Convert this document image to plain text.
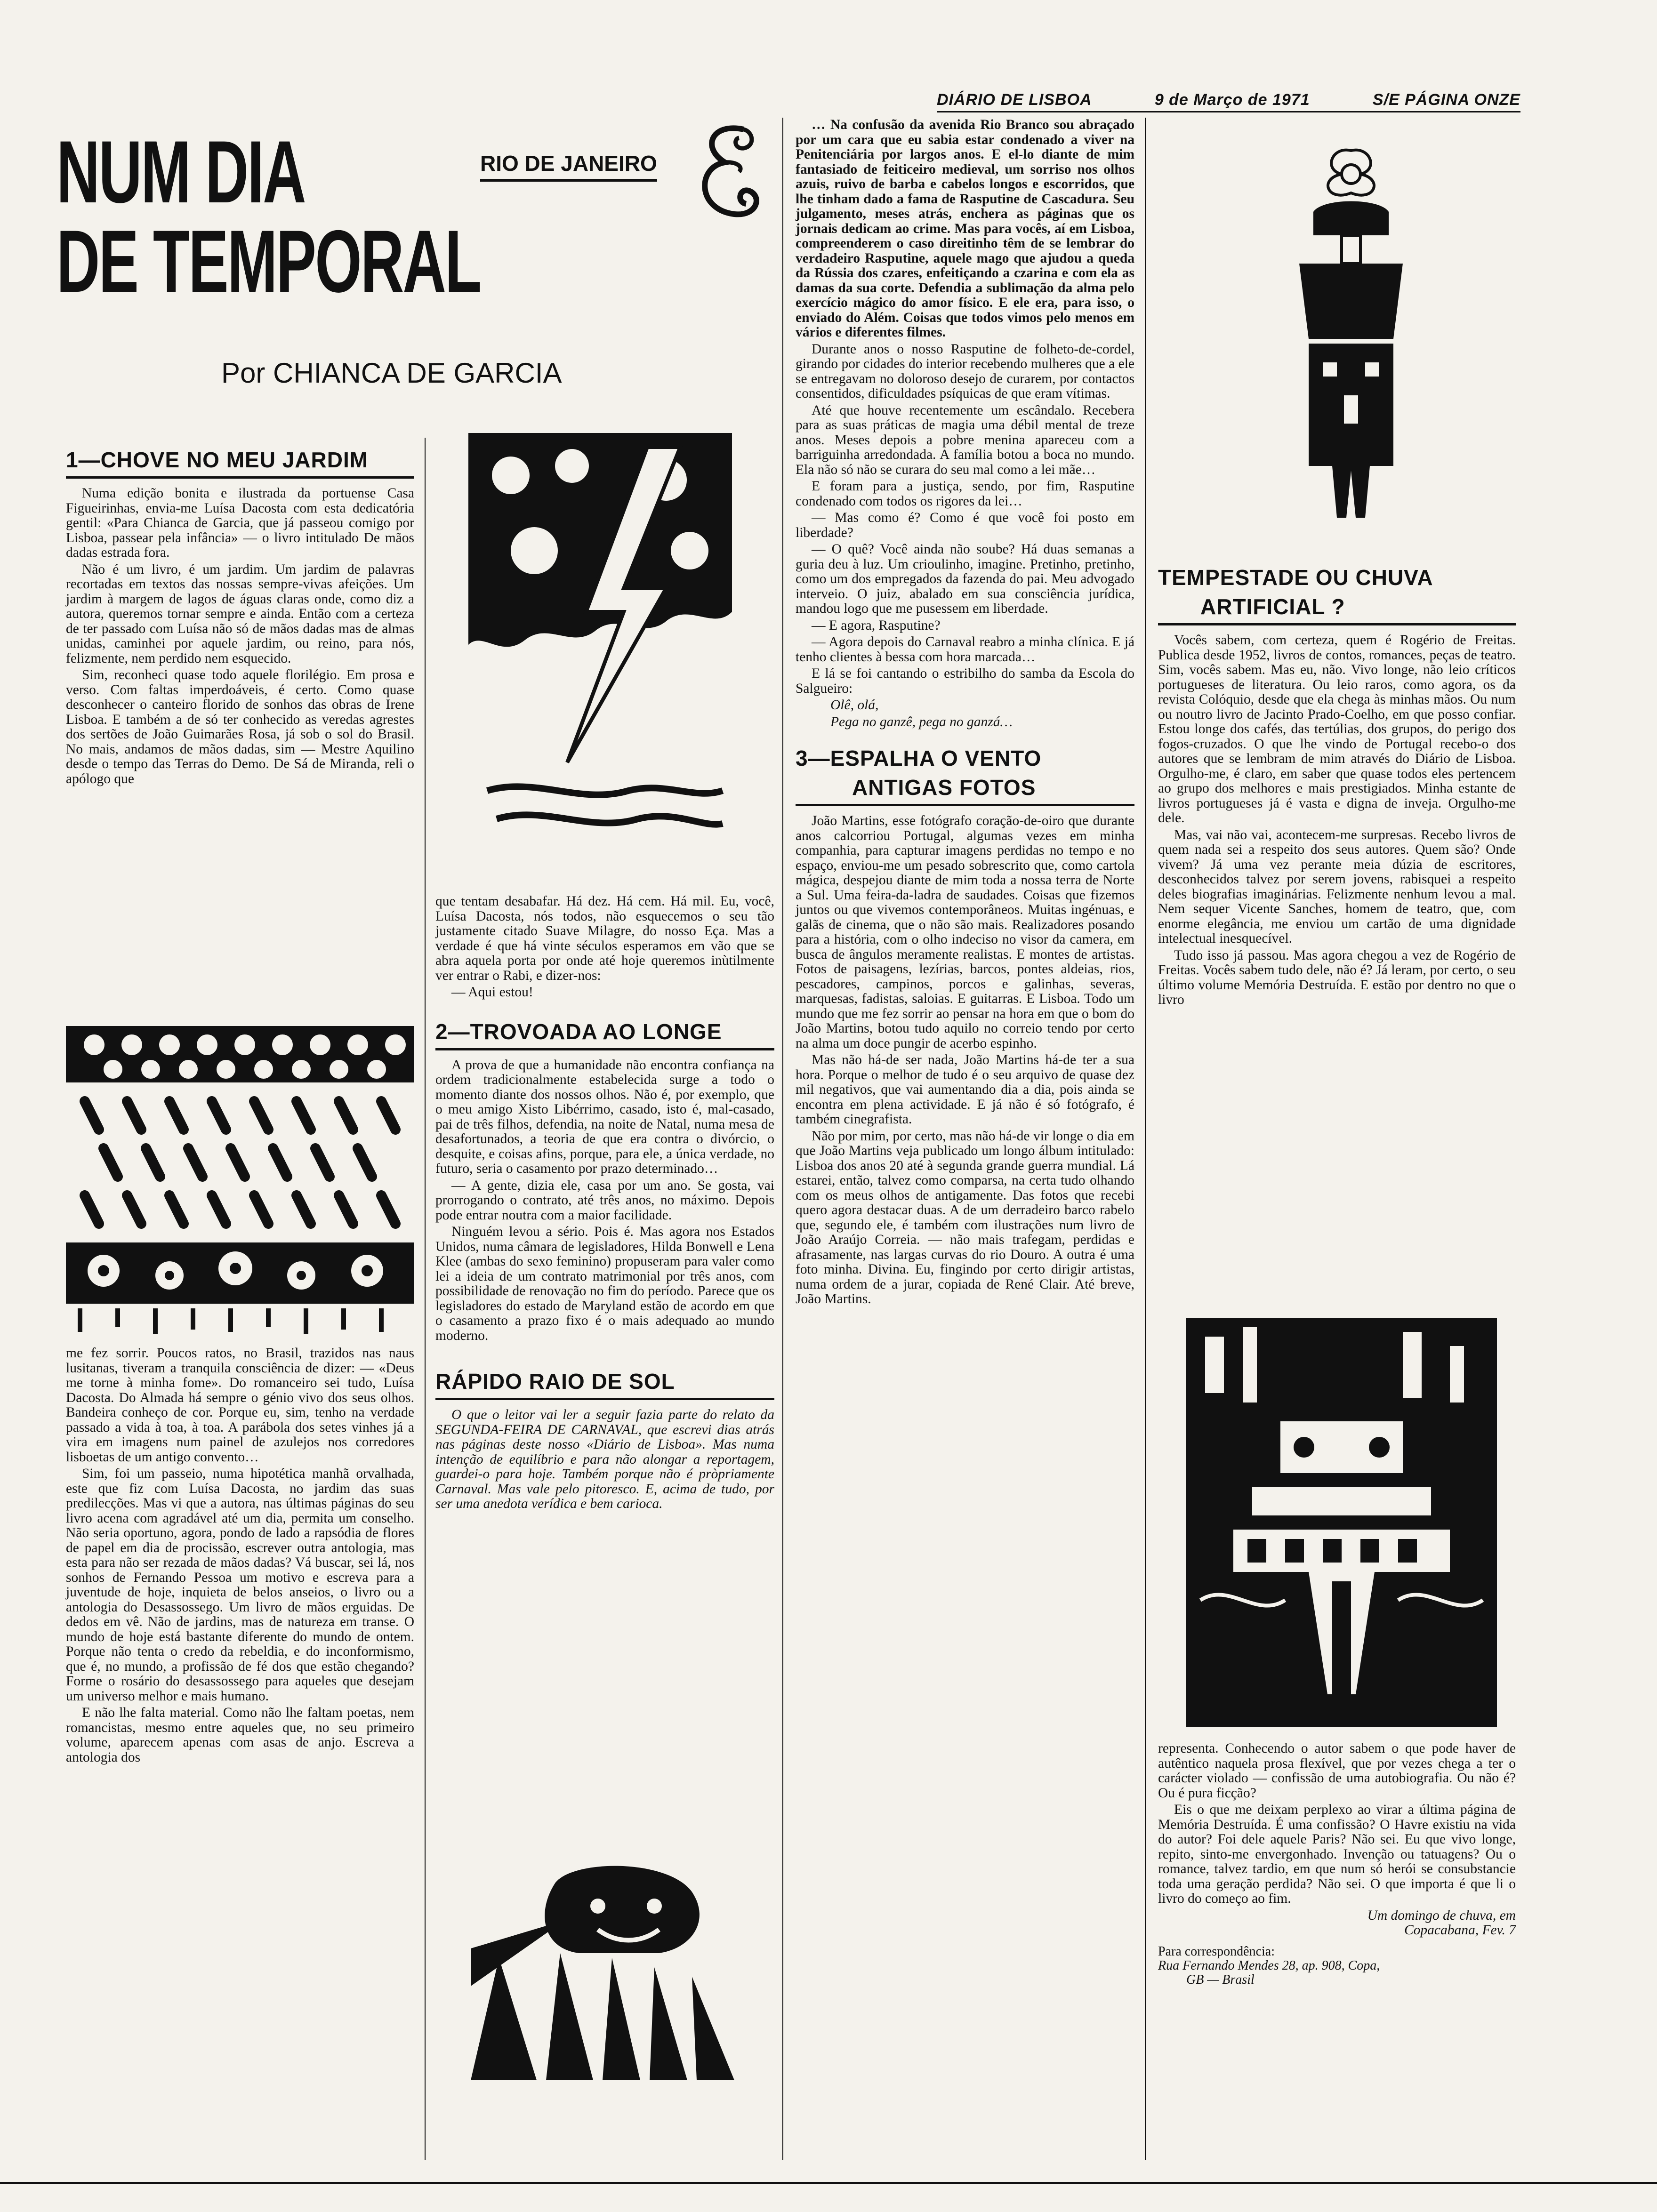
DIÁRIO DE LISBOA	9 de Março de 1971	S/E PÁGINA ONZE
NUM DIA
DE TEMPORAL
RIO DE JANEIRO
Por CHIANCA DE GARCIA
1—CHOVE NO MEU JARDIM

Numa edição bonita e ilustrada da portuense Casa Figueirinhas, envia-me Luísa Dacosta com esta dedicatória gentil: «Para Chianca de Garcia, que já passeou comigo por Lisboa, passear pela infância» — o livro intitulado De mãos dadas estrada fora.

Não é um livro, é um jardim. Um jardim de palavras recortadas em textos das nossas sempre-vivas afeições. Um jardim à margem de lagos de águas claras onde, como diz a autora, queremos tornar sempre e ainda. Então com a certeza de ter passado com Luísa não só de mãos dadas mas de almas unidas, caminhei por aquele jardim, ou reino, para nós, felizmente, nem perdido nem esquecido.

Sim, reconheci quase todo aquele florilégio. Em prosa e verso. Com faltas imperdoáveis, é certo. Como quase desconhecer o canteiro florido de sonhos das obras de Irene Lisboa. E também a de só ter conhecido as veredas agrestes dos sertões de João Guimarães Rosa, já sob o sol do Brasil. No mais, andamos de mãos dadas, sim — Mestre Aquilino desde o tempo das Terras do Demo. De Sá de Miranda, reli o apólogo que

me fez sorrir. Poucos ratos, no Brasil, trazidos nas naus lusitanas, tiveram a tranquila consciência de dizer: — «Deus me torne à minha fome». Do romanceiro sei tudo, Luísa Dacosta. Do Almada há sempre o génio vivo dos seus olhos. Bandeira conheço de cor. Porque eu, sim, tenho na verdade passado a vida à toa, à toa. A parábola dos setes vinhes já a vira em imagens num painel de azulejos nos corredores lisboetas de um antigo convento…

Sim, foi um passeio, numa hipotética manhã orvalhada, este que fiz com Luísa Dacosta, no jardim das suas predilecções. Mas vi que a autora, nas últimas páginas do seu livro acena com agradável até um dia, permita um conselho. Não seria oportuno, agora, pondo de lado a rapsódia de flores de papel em dia de procissão, escrever outra antologia, mas esta para não ser rezada de mãos dadas? Vá buscar, sei lá, nos sonhos de Fernando Pessoa um motivo e escreva para a juventude de hoje, inquieta de belos anseios, o livro ou a antologia do Desassossego. Um livro de mãos erguidas. De dedos em vê. Não de jardins, mas de natureza em transe. O mundo de hoje está bastante diferente do mundo de ontem. Porque não tenta o credo da rebeldia, e do inconformismo, que é, no mundo, a profissão de fé dos que estão chegando? Forme o rosário do desassossego para aqueles que desejam um universo melhor e mais humano.

E não lhe falta material. Como não lhe faltam poetas, nem romancistas, mesmo entre aqueles que, no seu primeiro volume, aparecem apenas com asas de anjo. Escreva a antologia dos

que tentam desabafar. Há dez. Há cem. Há mil. Eu, você, Luísa Dacosta, nós todos, não esquecemos o seu tão justamente citado Suave Milagre, do nosso Eça. Mas a verdade é que há vinte séculos esperamos em vão que se abra aquela porta por onde até hoje queremos inùtilmente ver entrar o Rabi, e dizer-nos:

— Aqui estou!

2—TROVOADA AO LONGE

A prova de que a humanidade não encontra confiança na ordem tradicionalmente estabelecida surge a todo o momento diante dos nossos olhos. Não é, por exemplo, que o meu amigo Xisto Libérrimo, casado, isto é, mal-casado, pai de três filhos, defendia, na noite de Natal, numa mesa de desafortunados, a teoria de que era contra o divórcio, o desquite, e coisas afins, porque, para ele, a única verdade, no futuro, seria o casamento por prazo determinado…

— A gente, dizia ele, casa por um ano. Se gosta, vai prorrogando o contrato, até três anos, no máximo. Depois pode entrar noutra com a maior facilidade.

Ninguém levou a sério. Pois é. Mas agora nos Estados Unidos, numa câmara de legisladores, Hilda Bonwell e Lena Klee (ambas do sexo feminino) propuseram para valer como lei a ideia de um contrato matrimonial por três anos, com possibilidade de renovação no fim do período. Parece que os legisladores do estado de Maryland estão de acordo em que o casamento a prazo fixo é o mais adequado ao mundo moderno.

RÁPIDO RAIO DE SOL

O que o leitor vai ler a seguir fazia parte do relato da SEGUNDA-FEIRA DE CARNAVAL, que escrevi dias atrás nas páginas deste nosso «Diário de Lisboa». Mas numa intenção de equilíbrio e para não alongar a reportagem, guardei-o para hoje. Também porque não é pròpriamente Carnaval. Mas vale pelo pitoresco. E, acima de tudo, por ser uma anedota verídica e bem carioca.

… Na confusão da avenida Rio Branco sou abraçado por um cara que eu sabia estar condenado a viver na Penitenciária por largos anos. E el-lo diante de mim fantasiado de feiticeiro medieval, um sorriso nos olhos azuis, ruivo de barba e cabelos longos e escorridos, que lhe tinham dado a fama de Rasputine de Cascadura. Seu julgamento, meses atrás, enchera as páginas que os jornais dedicam ao crime. Mas para vocês, aí em Lisboa, compreenderem o caso direitinho têm de se lembrar do verdadeiro Rasputine, aquele mago que ajudou a queda da Rússia dos czares, enfeitiçando a czarina e com ela as damas da sua corte. Defendia a sublimação da alma pelo exercício mágico do amor físico. E ele era, para isso, o enviado do Além. Coisas que todos vimos pelo menos em vários e diferentes filmes.

Durante anos o nosso Rasputine de folheto-de-cordel, girando por cidades do interior recebendo mulheres que a ele se entregavam no doloroso desejo de curarem, por contactos consentidos, dificuldades psíquicas de que eram vítimas.

Até que houve recentemente um escândalo. Recebera para as suas práticas de magia uma débil mental de treze anos. Meses depois a pobre menina apareceu com a barriguinha arredondada. A família botou a boca no mundo. Ela não só não se curara do seu mal como a lei mãe…

E foram para a justiça, sendo, por fim, Rasputine condenado com todos os rigores da lei…

— Mas como é? Como é que você foi posto em liberdade?

— O quê? Você ainda não soube? Há duas semanas a guria deu à luz. Um crioulinho, imagine. Pretinho, pretinho, como um dos empregados da fazenda do pai. Meu advogado interveio. O juiz, abalado em sua consciência jurídica, mandou logo que me pusessem em liberdade.

— E agora, Rasputine?

— Agora depois do Carnaval reabro a minha clínica. E já tenho clientes à bessa com hora marcada…

E lá se foi cantando o estribilho do samba da Escola do Salgueiro:

Olê, olá,

Pega no ganzê, pega no ganzá…

3—ESPALHA O VENTO
ANTIGAS FOTOS

João Martins, esse fotógrafo coração-de-oiro que durante anos calcorriou Portugal, algumas vezes em minha companhia, para capturar imagens perdidas no tempo e no espaço, enviou-me um pesado sobrescrito que, como cartola mágica, despejou diante de mim toda a nossa terra de Norte a Sul. Uma feira-da-ladra de saudades. Coisas que fizemos juntos ou que vivemos contemporâneos. Muitas ingénuas, e galãs de cinema, que o não são mais. Realizadores posando para a história, com o olho indeciso no visor da camera, em busca de ângulos meramente realistas. E montes de artistas. Fotos de paisagens, lezírias, barcos, pontes aldeias, rios, pescadores, campinos, porcos e galinhas, severas, marquesas, fadistas, saloias. E guitarras. E Lisboa. Todo um mundo que me fez sorrir ao pensar na hora em que o bom do João Martins, botou tudo aquilo no correio tendo por certo na alma um doce pungir de acerbo espinho.

Mas não há-de ser nada, João Martins há-de ter a sua hora. Porque o melhor de tudo é o seu arquivo de quase dez mil negativos, que vai aumentando dia a dia, pois ainda se encontra em plena actividade. E já não é só fotógrafo, é também cinegrafista.

Não por mim, por certo, mas não há-de vir longe o dia em que João Martins veja publicado um longo álbum intitulado: Lisboa dos anos 20 até à segunda grande guerra mundial. Lá estarei, então, talvez como comparsa, na certa tudo olhando com os meus olhos de antigamente. Das fotos que recebi quero agora destacar duas. A de um derradeiro barco rabelo que, segundo ele, é também com ilustrações num livro de João Araújo Correia. — não mais trafegam, perdidas e afrasamente, nas largas curvas do rio Douro. A outra é uma foto minha. Divina. Eu, fingindo por certo dirigir artistas, numa ordem de a jurar, copiada de René Clair. Até breve, João Martins.

TEMPESTADE OU CHUVA
ARTIFICIAL ?

Vocês sabem, com certeza, quem é Rogério de Freitas. Publica desde 1952, livros de contos, romances, peças de teatro. Sim, vocês sabem. Mas eu, não. Vivo longe, não leio críticos portugueses de literatura. Ou leio raros, como agora, os da revista Colóquio, desde que ela chega às minhas mãos. Ou num ou noutro livro de Jacinto Prado-Coelho, em que posso confiar. Estou longe dos cafés, das tertúlias, dos grupos, do perigo dos fogos-cruzados. O que lhe vindo de Portugal recebo-o dos autores que se lembram de mim através do Diário de Lisboa. Orgulho-me, é claro, em saber que quase todos eles pertencem ao grupo dos melhores e mais prestigiados. Minha estante de livros portugueses já é vasta e digna de inveja. Orgulho-me dele.

Mas, vai não vai, acontecem-me surpresas. Recebo livros de quem nada sei a respeito dos seus autores. Quem são? Onde vivem? Já uma vez perante meia dúzia de escritores, desconhecidos talvez por serem jovens, rabisquei a respeito deles biografias imaginárias. Felizmente nenhum levou a mal. Nem sequer Vicente Sanches, homem de teatro, que, com enorme elegância, me enviou um cartão de uma dignidade intelectual inesquecível.

Tudo isso já passou. Mas agora chegou a vez de Rogério de Freitas. Vocês sabem tudo dele, não é? Já leram, por certo, o seu último volume Memória Destruída. E estão por dentro no que o livro

representa. Conhecendo o autor sabem o que pode haver de autêntico naquela prosa flexível, que por vezes chega a ter o carácter violado — confissão de uma autobiografia. Ou não é? Ou é pura ficção?

Eis o que me deixam perplexo ao virar a última página de Memória Destruída. É uma confissão? O Havre existiu na vida do autor? Foi dele aquele Paris? Não sei. Eu que vivo longe, repito, sinto-me envergonhado. Invenção ou tatuagens? Ou o romance, talvez tardio, em que num só herói se consubstancie toda uma geração perdida? Não sei. O que importa é que li o livro do começo ao fim.

Um domingo de chuva, em
Copacabana, Fev. 7
Para correspondência:
Rua Fernando Mendes 28, ap. 908, Copa,
GB — Brasil
